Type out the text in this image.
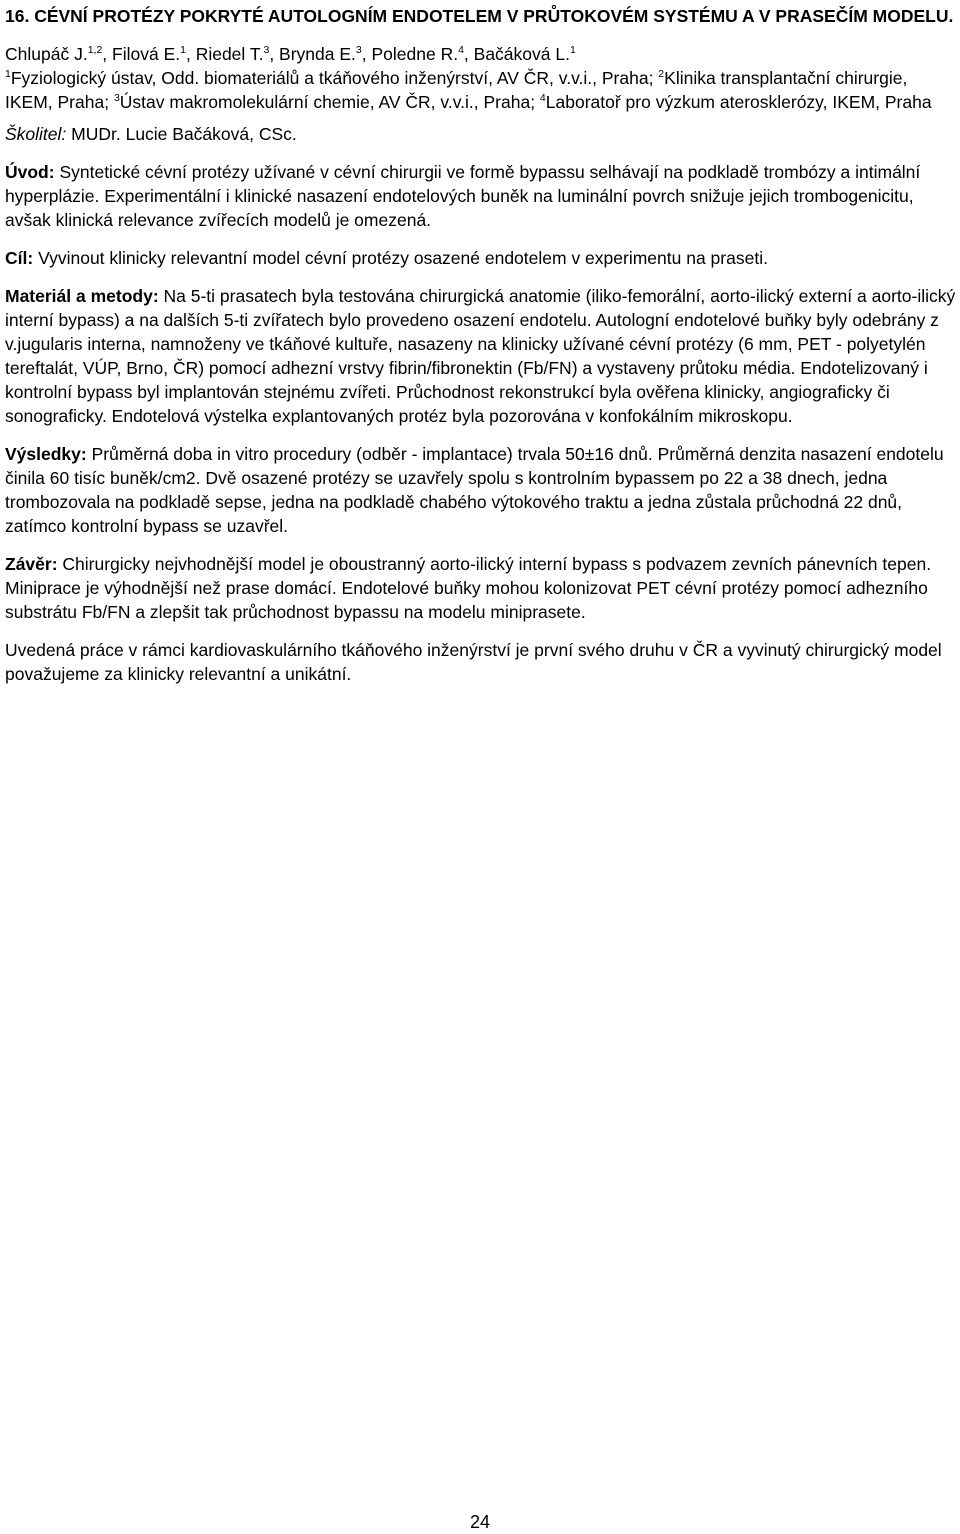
16. CÉVNÍ PROTÉZY POKRYTÉ AUTOLOGNÍM ENDOTELEM V PRŮTOKOVÉM SYSTÉMU A V PRASEČÍM MODELU.
Chlupáč J.$^{1,2}$, Filová E.$^1$, Riedel T.$^3$, Brynda E.$^3$, Poledne R.$^4$, Bačáková L.$^1$
$^1$Fyziologický ústav, Odd. biomateriálů a tkáňového inženýrství, AV ČR, v.v.i., Praha; $^2$Klinika transplantační chirurgie, IKEM, Praha; $^3$Ústav makromolekulární chemie, AV ČR, v.v.i., Praha; $^4$Laboratoř pro výzkum aterosklerózy, IKEM, Praha
Školitel: MUDr. Lucie Bačáková, CSc.
Úvod: Syntetické cévní protézy užívané v cévní chirurgii ve formě bypassu selhávají na podkladě trombózy a intimální hyperplázie. Experimentální i klinické nasazení endotelových buněk na luminální povrch snižuje jejich trombogenicitu, avšak klinická relevance zvířecích modelů je omezená.
Cíl: Vyvinout klinicky relevantní model cévní protézy osazené endotelem v experimentu na praseti.
Materiál a metody: Na 5-ti prasatech byla testována chirurgická anatomie (iliko-femorální, aorto-ilický externí a aorto-ilický interní bypass) a na dalších 5-ti zvířatech bylo provedeno osazení endotelu. Autologní endotelové buňky byly odebrány z v.jugularis interna, namnoženy ve tkáňové kultuře, nasazeny na klinicky užívané cévní protézy (6 mm, PET - polyetylén tereftalát, VÚP, Brno, ČR) pomocí adhezní vrstvy fibrin/fibronektin (Fb/FN) a vystaveny průtoku média. Endotelizovaný i kontrolní bypass byl implantován stejnému zvířeti. Průchodnost rekonstrukcí byla ověřena klinicky, angiograficky či sonograficky. Endotelová výstelka explantovaných protéz byla pozorována v konfokálním mikroskopu.
Výsledky: Průměrná doba in vitro procedury (odběr - implantace) trvala 50±16 dnů. Průměrná denzita nasazení endotelu činila 60 tisíc buněk/cm2. Dvě osazené protézy se uzavřely spolu s kontrolním bypassem po 22 a 38 dnech, jedna trombozovala na podkladě sepse, jedna na podkladě chabého výtokového traktu a jedna zůstala průchodná 22 dnů, zatímco kontrolní bypass se uzavřel.
Závěr: Chirurgicky nejvhodnější model je oboustranný aorto-ilický interní bypass s podvazem zevních pánevních tepen. Miniprace je výhodnější než prase domácí. Endotelové buňky mohou kolonizovat PET cévní protézy pomocí adhezního substrátu Fb/FN a zlepšit tak průchodnost bypassu na modelu miniprasete.
Uvedená práce v rámci kardiovaskulárního tkáňového inženýrství je první svého druhu v ČR a vyvinutý chirurgický model považujeme za klinicky relevantní a unikátní.
24
